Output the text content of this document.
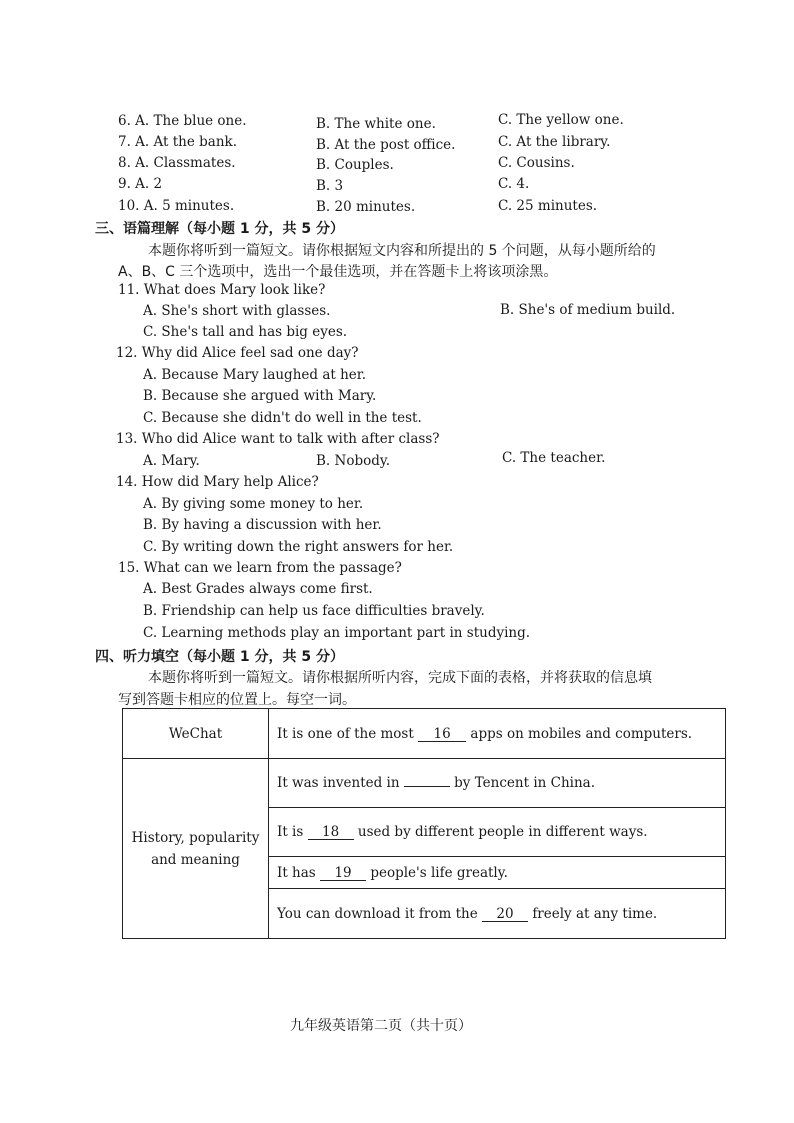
6. A. The blue one.	B. The white one.	C. The yellow one.
7. A. At the bank.	B. At the post office.	C. At the library.
8. A. Classmates.	B. Couples.	C. Cousins.
9. A. 2	B. 3	C. 4.
10. A. 5 minutes.	B. 20 minutes.	C. 25 minutes.
三、语篇理解（每小题 1 分，共 5 分）
本题你将听到一篇短文。请你根据短文内容和所提出的 5 个问题，从每小题所给的
A、B、C 三个选项中，选出一个最佳选项，并在答题卡上将该项涂黑。
11. What does Mary look like?
A. She's short with glasses.	B. She's of medium build.
C. She's tall and has big eyes.
12. Why did Alice feel sad one day?
A. Because Mary laughed at her.
B. Because she argued with Mary.
C. Because she didn't do well in the test.
13. Who did Alice want to talk with after class?
A. Mary.	B. Nobody.	C. The teacher.
14. How did Mary help Alice?
A. By giving some money to her.
B. By having a discussion with her.
C. By writing down the right answers for her.
15. What can we learn from the passage?
A. Best Grades always come first.
B. Friendship can help us face difficulties bravely.
C. Learning methods play an important part in studying.
四、听力填空（每小题 1 分，共 5 分）
本题你将听到一篇短文。请你根据所听内容，完成下面的表格，并将获取的信息填
写到答题卡相应的位置上。每空一词。
WeChat	It is one of the most 16 apps on mobiles and computers.
History, popularity and meaning	It was invented in by Tencent in China.
	It is 18 used by different people in different ways.
	It has 19 people's life greatly.
	You can download it from the 20 freely at any time.
九年级英语第二页（共十页）
